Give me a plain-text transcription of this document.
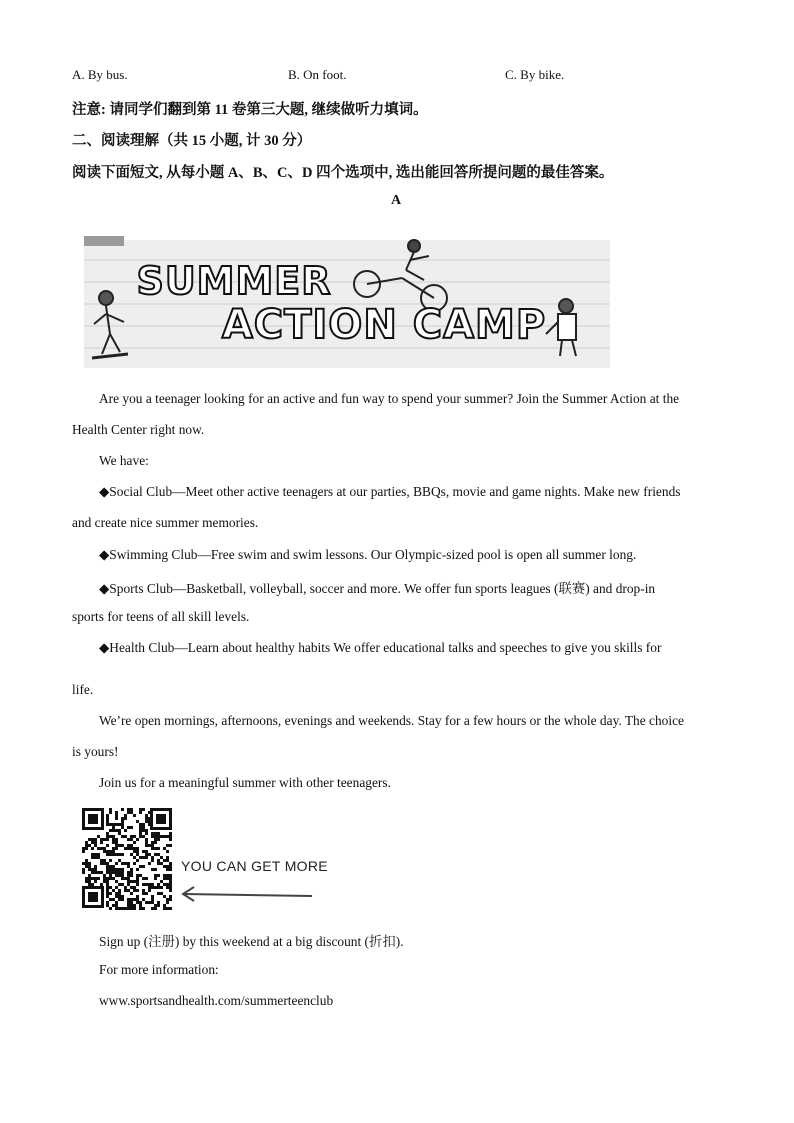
A. By bus.	B. On foot.	C. By bike.
注意: 请同学们翻到第 11 卷第三大题, 继续做听力填词。
二、阅读理解（共 15 小题, 计 30 分）
阅读下面短文, 从每小题 A、B、C、D 四个选项中, 选出能回答所提问题的最佳答案。
A
SUMMER
ACTION CAMP
Are you a teenager looking for an active and fun way to spend your summer? Join the Summer Action at the
Health Center right now.
We have:
◆Social Club—Meet other active teenagers at our parties, BBQs, movie and game nights. Make new friends
and create nice summer memories.
◆Swimming Club—Free swim and swim lessons. Our Olympic-sized pool is open all summer long.
◆Sports Club—Basketball, volleyball, soccer and more. We offer fun sports leagues (联赛) and drop-in
sports for teens of all skill levels.
◆Health Club—Learn about healthy habits We offer educational talks and speeches to give you skills for
life.
We’re open mornings, afternoons, evenings and weekends. Stay for a few hours or the whole day. The choice
is yours!
Join us for a meaningful summer with other teenagers.
YOU CAN GET MORE
Sign up (注册) by this weekend at a big discount (折扣).
For more information:
www.sportsandhealth.com/summerteenclub
